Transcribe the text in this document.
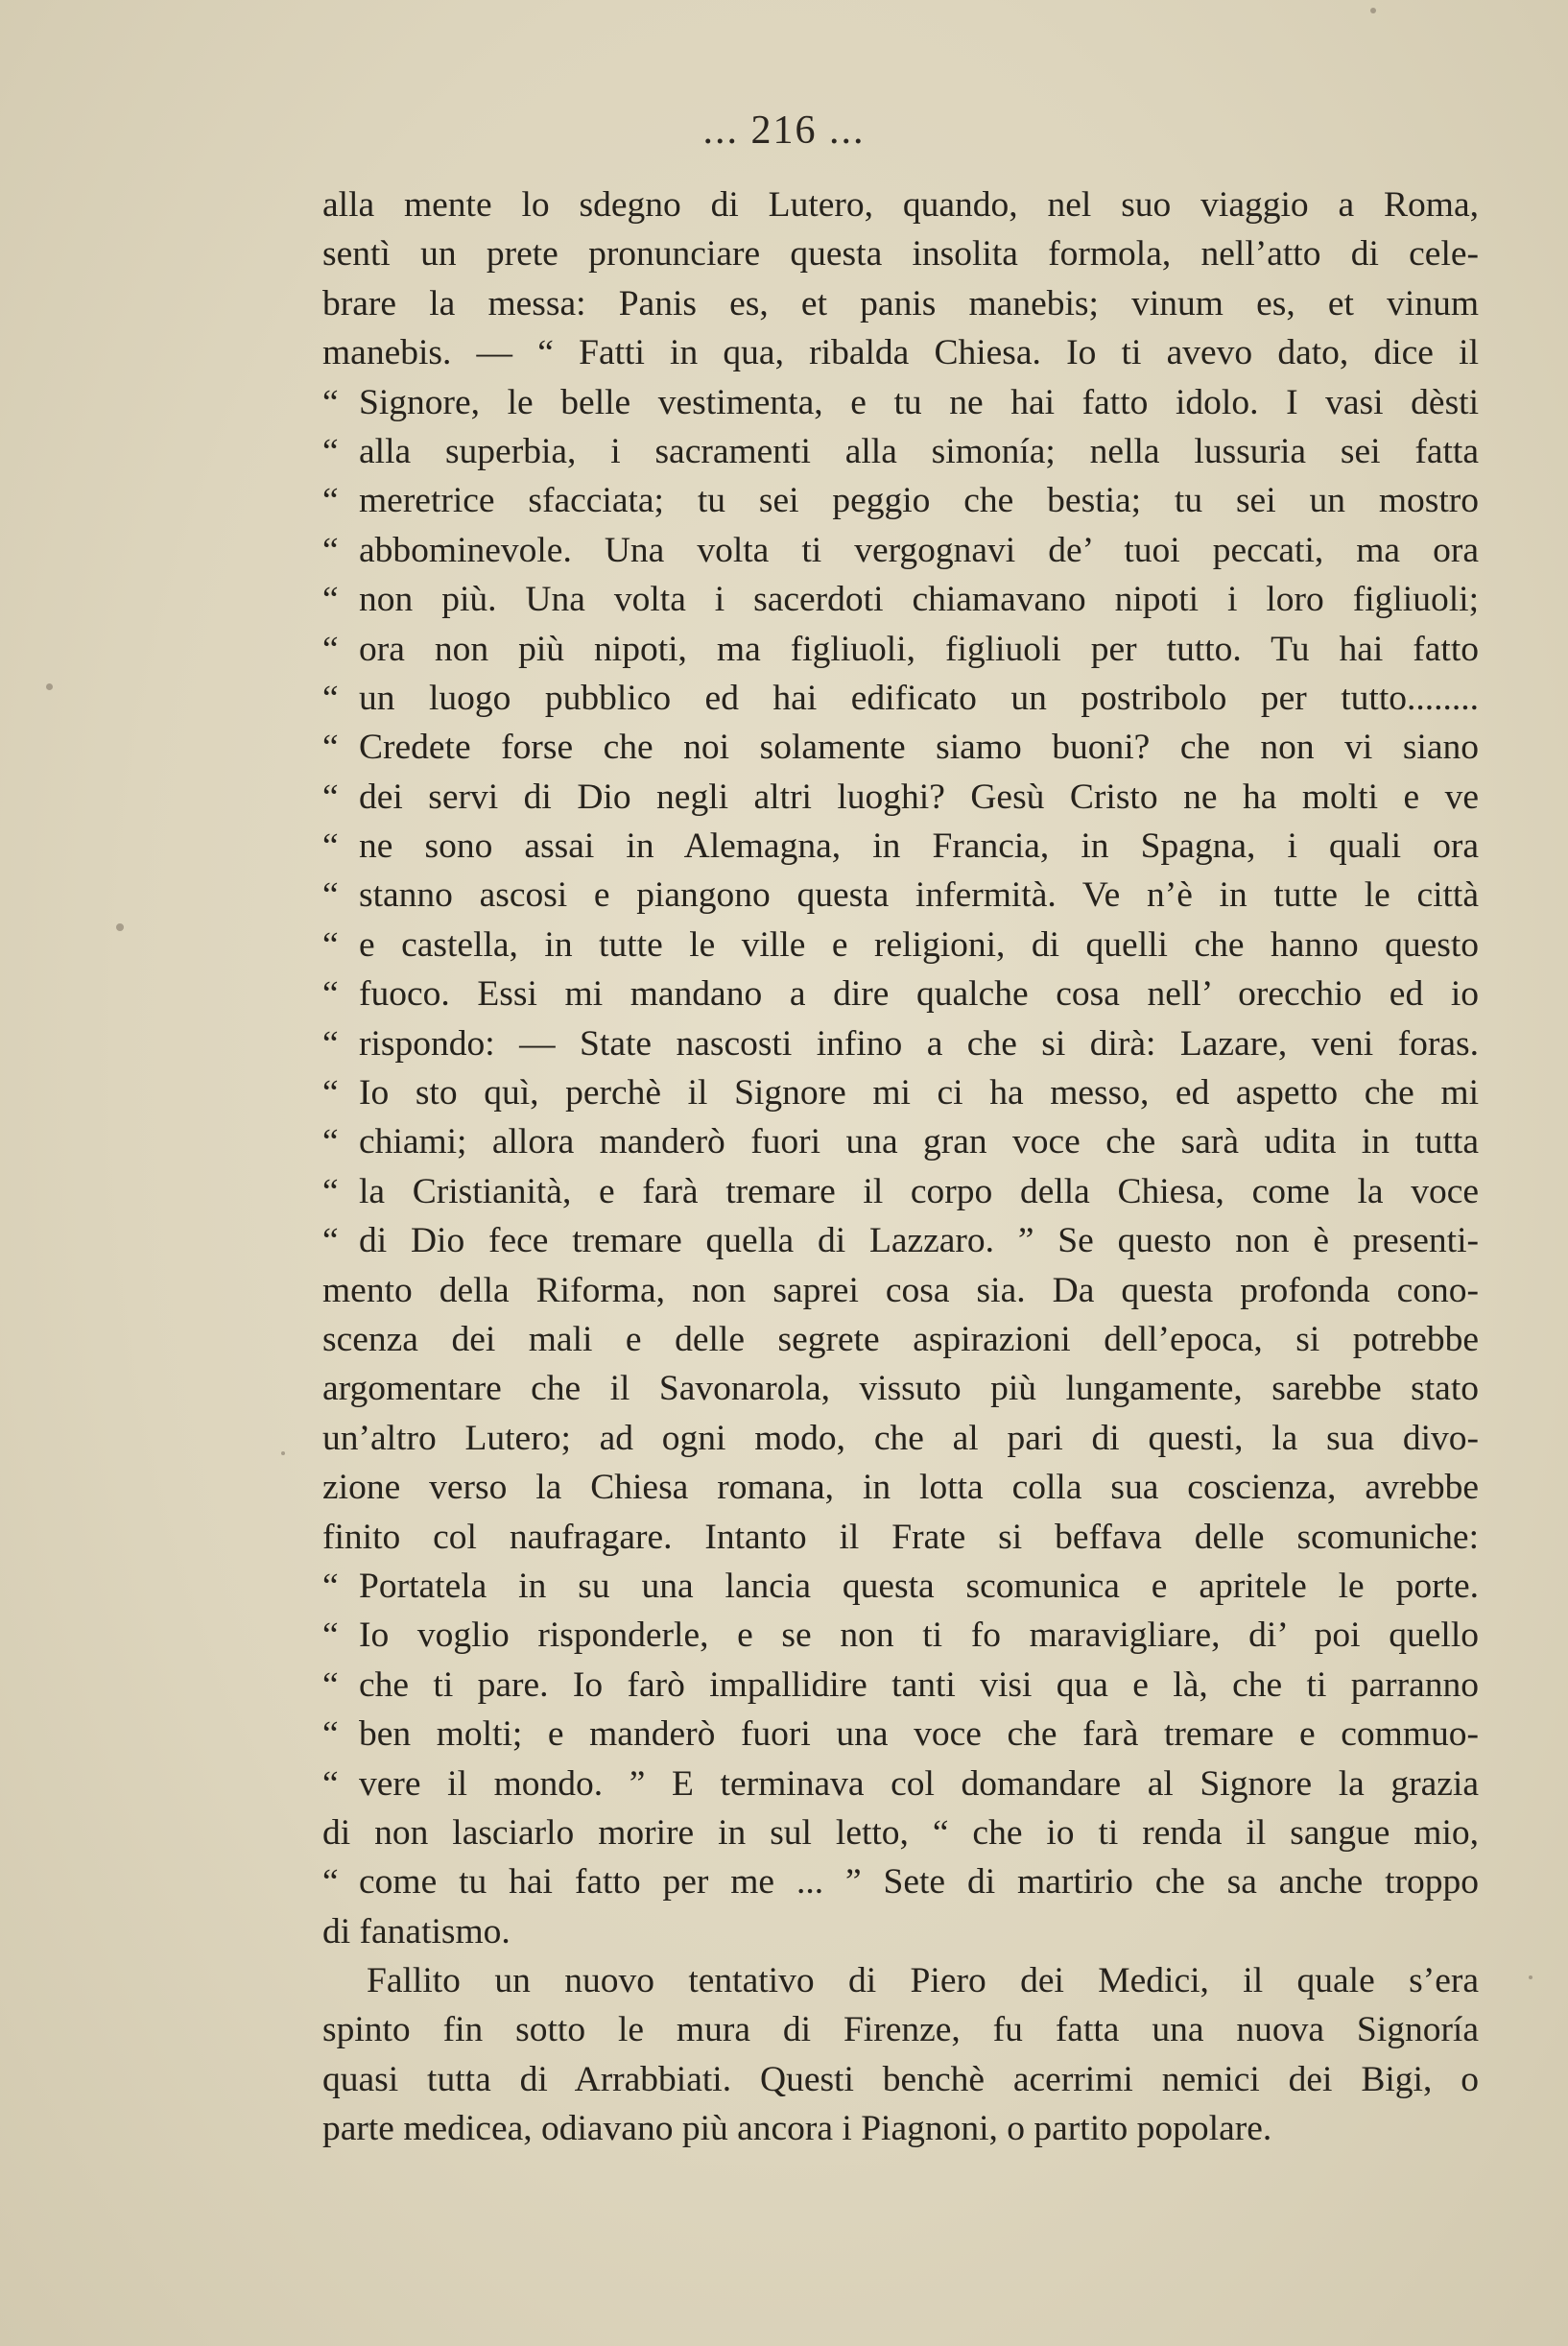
... 216 ...
alla mente lo sdegno di Lutero, quando, nel suo viaggio a Roma,
sentì un prete pronunciare questa insolita formola, nell’atto di cele-
brare la messa: Panis es, et panis manebis; vinum es, et vinum
manebis. — “ Fatti in qua, ribalda Chiesa. Io ti avevo dato, dice il
“ Signore, le belle vestimenta, e tu ne hai fatto idolo. I vasi dèsti
“ alla superbia, i sacramenti alla simonía; nella lussuria sei fatta
“ meretrice sfacciata; tu sei peggio che bestia; tu sei un mostro
“ abbominevole. Una volta ti vergognavi de’ tuoi peccati, ma ora
“ non più. Una volta i sacerdoti chiamavano nipoti i loro figliuoli;
“ ora non più nipoti, ma figliuoli, figliuoli per tutto. Tu hai fatto
“ un luogo pubblico ed hai edificato un postribolo per tutto........
“ Credete forse che noi solamente siamo buoni? che non vi siano
“ dei servi di Dio negli altri luoghi? Gesù Cristo ne ha molti e ve
“ ne sono assai in Alemagna, in Francia, in Spagna, i quali ora
“ stanno ascosi e piangono questa infermità. Ve n’è in tutte le città
“ e castella, in tutte le ville e religioni, di quelli che hanno questo
“ fuoco. Essi mi mandano a dire qualche cosa nell’ orecchio ed io
“ rispondo: — State nascosti infino a che si dirà: Lazare, veni foras.
“ Io sto quì, perchè il Signore mi ci ha messo, ed aspetto che mi
“ chiami; allora manderò fuori una gran voce che sarà udita in tutta
“ la Cristianità, e farà tremare il corpo della Chiesa, come la voce
“ di Dio fece tremare quella di Lazzaro. ” Se questo non è presenti-
mento della Riforma, non saprei cosa sia. Da questa profonda cono-
scenza dei mali e delle segrete aspirazioni dell’epoca, si potrebbe
argomentare che il Savonarola, vissuto più lungamente, sarebbe stato
un’altro Lutero; ad ogni modo, che al pari di questi, la sua divo-
zione verso la Chiesa romana, in lotta colla sua coscienza, avrebbe
finito col naufragare. Intanto il Frate si beffava delle scomuniche:
“ Portatela in su una lancia questa scomunica e apritele le porte.
“ Io voglio risponderle, e se non ti fo maravigliare, di’ poi quello
“ che ti pare. Io farò impallidire tanti visi qua e là, che ti parranno
“ ben molti; e manderò fuori una voce che farà tremare e commuo-
“ vere il mondo. ” E terminava col domandare al Signore la grazia
di non lasciarlo morire in sul letto, “ che io ti renda il sangue mio,
“ come tu hai fatto per me ... ” Sete di martirio che sa anche troppo
di fanatismo.
Fallito un nuovo tentativo di Piero dei Medici, il quale s’era
spinto fin sotto le mura di Firenze, fu fatta una nuova Signoría
quasi tutta di Arrabbiati. Questi benchè acerrimi nemici dei Bigi, o
parte medicea, odiavano più ancora i Piagnoni, o partito popolare.
